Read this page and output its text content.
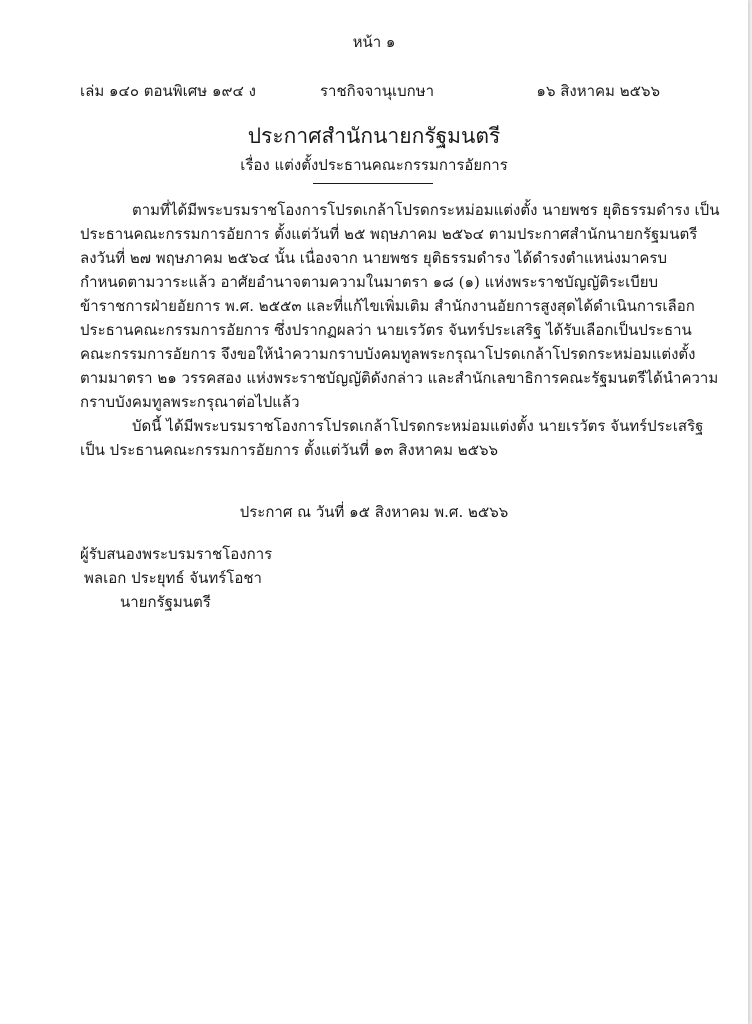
หน้า ๑
เล่ม ๑๔๐ ตอนพิเศษ ๑๙๔ ง	ราชกิจจานุเบกษา	๑๖ สิงหาคม ๒๕๖๖
ประกาศสำนักนายกรัฐมนตรี
เรื่อง แต่งตั้งประธานคณะกรรมการอัยการ
ตามที่ได้มีพระบรมราชโองการโปรดเกล้าโปรดกระหม่อมแต่งตั้ง นายพชร ยุติธรรมดำรง เป็น
ประธานคณะกรรมการอัยการ ตั้งแต่วันที่ ๒๕ พฤษภาคม ๒๕๖๔ ตามประกาศสำนักนายกรัฐมนตรี
ลงวันที่ ๒๗ พฤษภาคม ๒๕๖๔ นั้น เนื่องจาก นายพชร ยุติธรรมดำรง ได้ดำรงตำแหน่งมาครบ
กำหนดตามวาระแล้ว อาศัยอำนาจตามความในมาตรา ๑๘ (๑) แห่งพระราชบัญญัติระเบียบ
ข้าราชการฝ่ายอัยการ พ.ศ. ๒๕๕๓ และที่แก้ไขเพิ่มเติม สำนักงานอัยการสูงสุดได้ดำเนินการเลือก
ประธานคณะกรรมการอัยการ ซึ่งปรากฏผลว่า นายเรวัตร จันทร์ประเสริฐ ได้รับเลือกเป็นประธาน
คณะกรรมการอัยการ จึงขอให้นำความกราบบังคมทูลพระกรุณาโปรดเกล้าโปรดกระหม่อมแต่งตั้ง
ตามมาตรา ๒๑ วรรคสอง แห่งพระราชบัญญัติดังกล่าว และสำนักเลขาธิการคณะรัฐมนตรีได้นำความ
กราบบังคมทูลพระกรุณาต่อไปแล้ว
บัดนี้ ได้มีพระบรมราชโองการโปรดเกล้าโปรดกระหม่อมแต่งตั้ง นายเรวัตร จันทร์ประเสริฐ
เป็น ประธานคณะกรรมการอัยการ ตั้งแต่วันที่ ๑๓ สิงหาคม ๒๕๖๖
ประกาศ ณ วันที่ ๑๕ สิงหาคม พ.ศ. ๒๕๖๖
ผู้รับสนองพระบรมราชโองการ
พลเอก ประยุทธ์ จันทร์โอชา
นายกรัฐมนตรี
